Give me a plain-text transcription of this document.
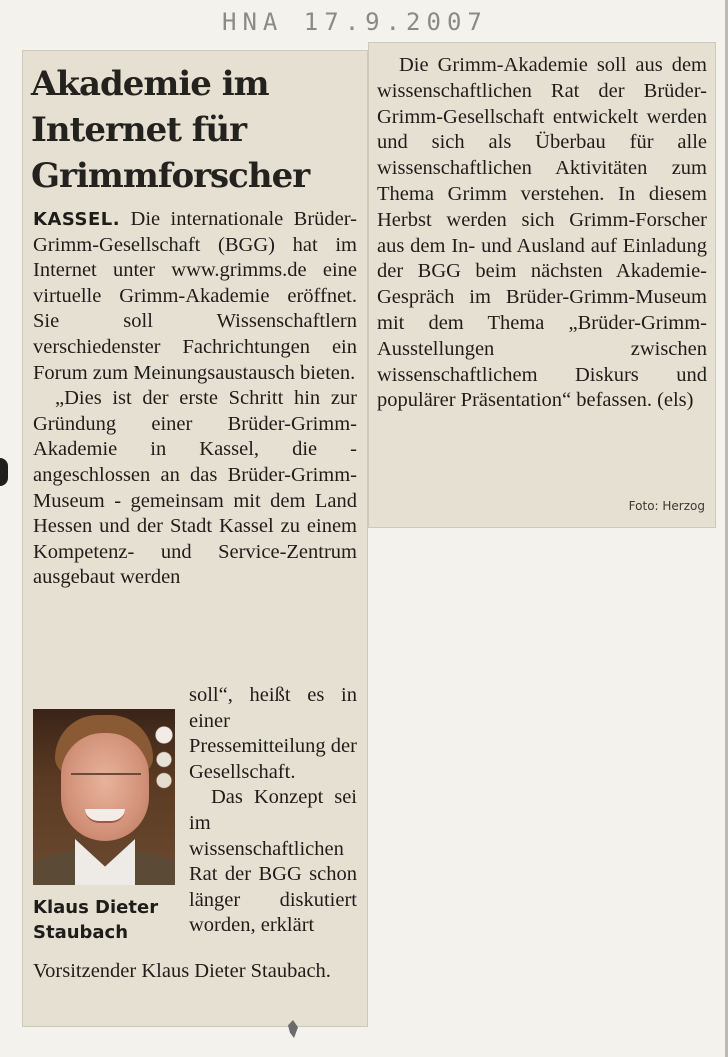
HNA 17.9.2007
Akademie im
Internet für
Grimmforscher

KASSEL. Die internationale Brüder-Grimm-Gesellschaft (BGG) hat im Internet unter www.grimms.de eine virtuelle Grimm-Akademie eröffnet. Sie soll Wissenschaftlern verschiedenster Fachrichtungen ein Forum zum Meinungsaustausch bieten.

„Dies ist der erste Schritt hin zur Gründung einer Brüder-Grimm-Akademie in Kassel, die - angeschlossen an das Brüder-Grimm-Museum - gemeinsam mit dem Land Hessen und der Stadt Kassel zu einem Kompetenz- und Service-Zentrum ausgebaut werden

Klaus Dieter Staubach

soll“, heißt es in einer Pressemitteilung der Gesellschaft.

Das Konzept sei im wissenschaftlichen Rat der BGG schon länger diskutiert worden, erklärt

Vorsitzender Klaus Dieter Staubach.

Die Grimm-Akademie soll aus dem wissenschaftlichen Rat der Brüder-Grimm-Gesellschaft entwickelt werden und sich als Überbau für alle wissenschaftlichen Aktivitäten zum Thema Grimm verstehen. In diesem Herbst werden sich Grimm-Forscher aus dem In- und Ausland auf Einladung der BGG beim nächsten Akademie-Gespräch im Brüder-Grimm-Museum mit dem Thema „Brüder-Grimm-Ausstellungen zwischen wissenschaftlichem Diskurs und populärer Präsentation“ befassen. (els)

Foto: Herzog
